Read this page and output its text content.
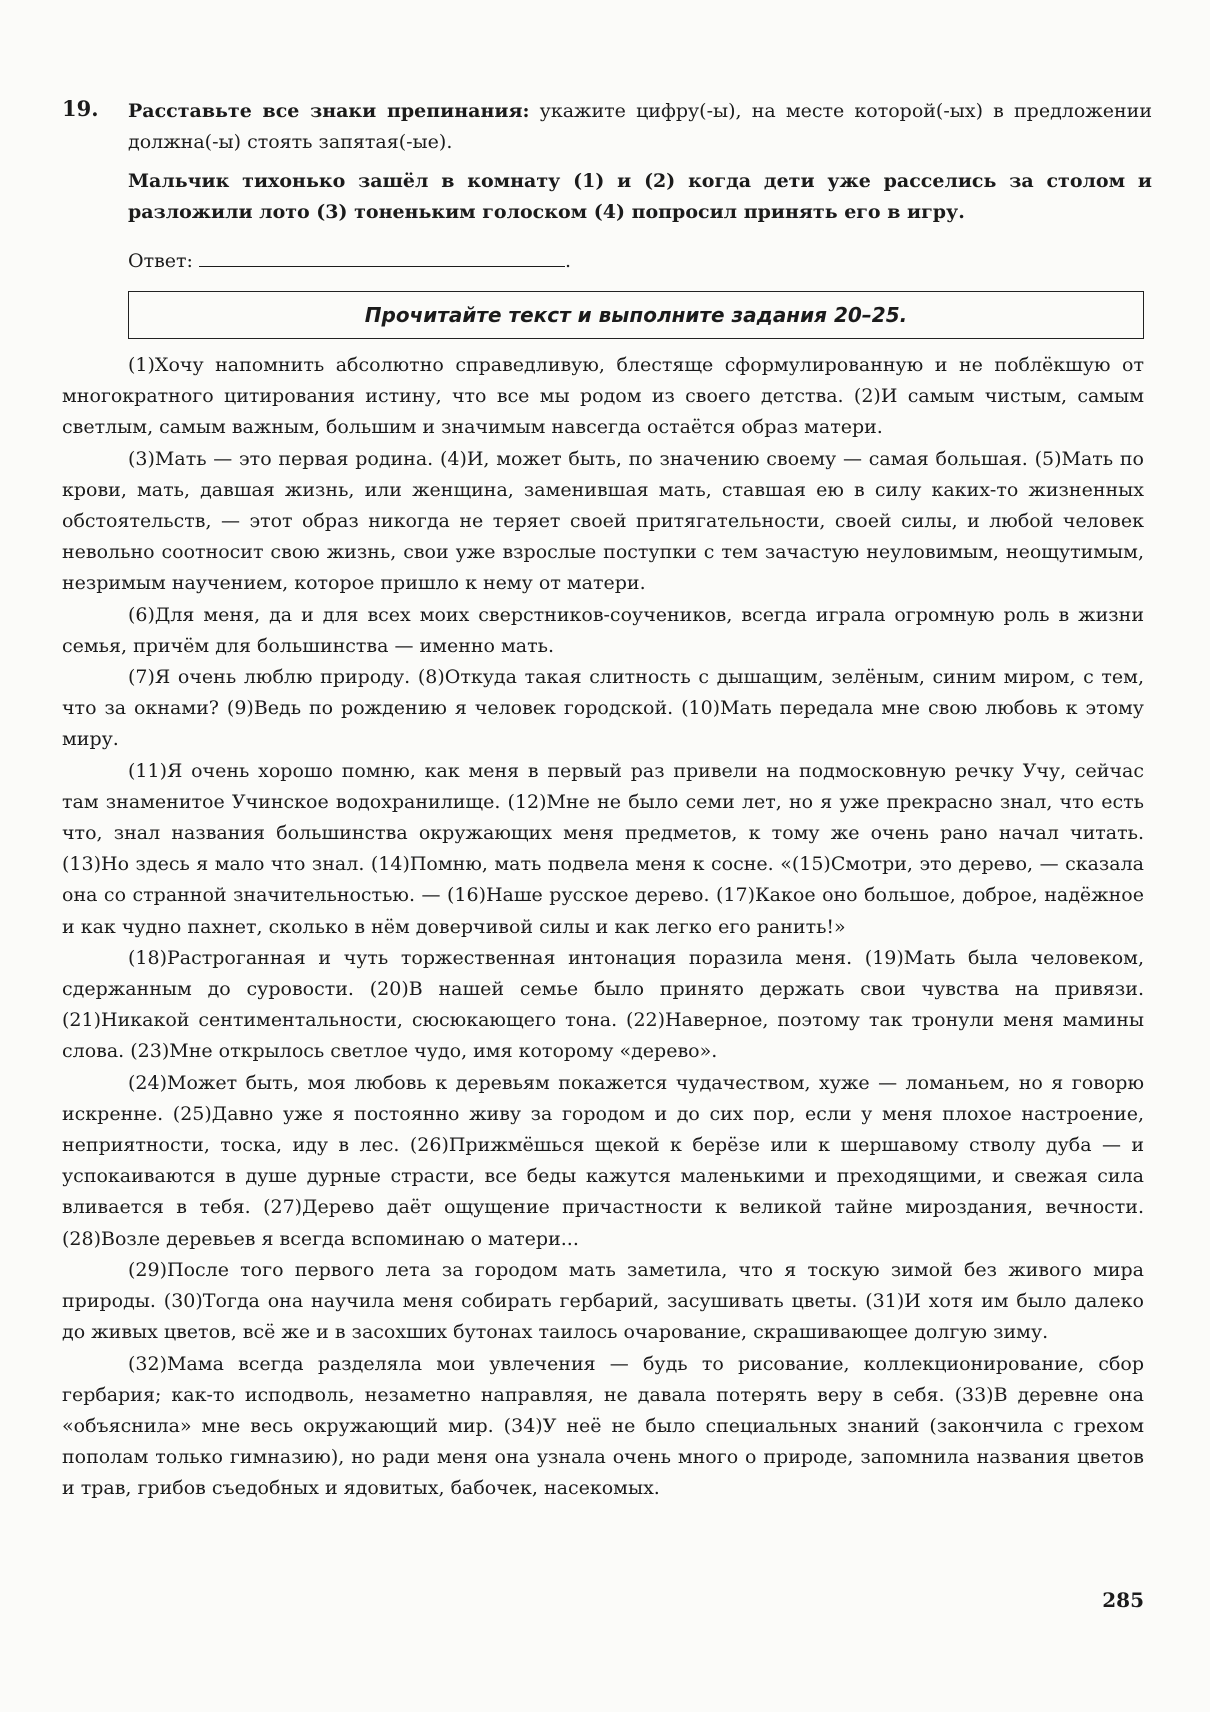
19. Расставьте все знаки препинания: укажите цифру(-ы), на месте которой(-ых) в предложении должна(-ы) стоять запятая(-ые).

Мальчик тихонько зашёл в комнату (1) и (2) когда дети уже расселись за столом и разложили лото (3) тоненьким голоском (4) попросил принять его в игру.

Ответ:	.
Прочитайте текст и выполните задания 20–25.

(1)Хочу напомнить абсолютно справедливую, блестяще сформулированную и не поблёкшую от многократного цитирования истину, что все мы родом из своего детства. (2)И самым чистым, самым светлым, самым важным, большим и значимым навсегда остаётся образ матери.

(3)Мать — это первая родина. (4)И, может быть, по значению своему — самая большая. (5)Мать по крови, мать, давшая жизнь, или женщина, заменившая мать, ставшая ею в силу каких-то жизненных обстоятельств, — этот образ никогда не теряет своей притягательности, своей силы, и любой человек невольно соотносит свою жизнь, свои уже взрослые поступки с тем зачастую неуловимым, неощутимым, незримым научением, которое пришло к нему от матери.

(6)Для меня, да и для всех моих сверстников-соучеников, всегда играла огромную роль в жизни семья, причём для большинства — именно мать.

(7)Я очень люблю природу. (8)Откуда такая слитность с дышащим, зелёным, синим миром, с тем, что за окнами? (9)Ведь по рождению я человек городской. (10)Мать передала мне свою любовь к этому миру.

(11)Я очень хорошо помню, как меня в первый раз привели на подмосковную речку Учу, сейчас там знаменитое Учинское водохранилище. (12)Мне не было семи лет, но я уже прекрасно знал, что есть что, знал названия большинства окружающих меня предметов, к тому же очень рано начал читать. (13)Но здесь я мало что знал. (14)Помню, мать подвела меня к сосне. «(15)Смотри, это дерево, — сказала она со странной значительностью. — (16)Наше русское дерево. (17)Какое оно большое, доброе, надёжное и как чудно пахнет, сколько в нём доверчивой силы и как легко его ранить!»

(18)Растроганная и чуть торжественная интонация поразила меня. (19)Мать была человеком, сдержанным до суровости. (20)В нашей семье было принято держать свои чувства на привязи. (21)Никакой сентиментальности, сюсюкающего тона. (22)Наверное, поэтому так тронули меня мамины слова. (23)Мне открылось светлое чудо, имя которому «дерево».

(24)Может быть, моя любовь к деревьям покажется чудачеством, хуже — ломаньем, но я говорю искренне. (25)Давно уже я постоянно живу за городом и до сих пор, если у меня плохое настроение, неприятности, тоска, иду в лес. (26)Прижмёшься щекой к берёзе или к шершавому стволу дуба — и успокаиваются в душе дурные страсти, все беды кажутся маленькими и преходящими, и свежая сила вливается в тебя. (27)Дерево даёт ощущение причастности к великой тайне мироздания, вечности. (28)Возле деревьев я всегда вспоминаю о матери...

(29)После того первого лета за городом мать заметила, что я тоскую зимой без живого мира природы. (30)Тогда она научила меня собирать гербарий, засушивать цветы. (31)И хотя им было далеко до живых цветов, всё же и в засохших бутонах таилось очарование, скрашивающее долгую зиму.

(32)Мама всегда разделяла мои увлечения — будь то рисование, коллекционирование, сбор гербария; как-то исподволь, незаметно направляя, не давала потерять веру в себя. (33)В деревне она «объяснила» мне весь окружающий мир. (34)У неё не было специальных знаний (закончила с грехом пополам только гимназию), но ради меня она узнала очень много о природе, запомнила названия цветов и трав, грибов съедобных и ядовитых, бабочек, насекомых.

285
